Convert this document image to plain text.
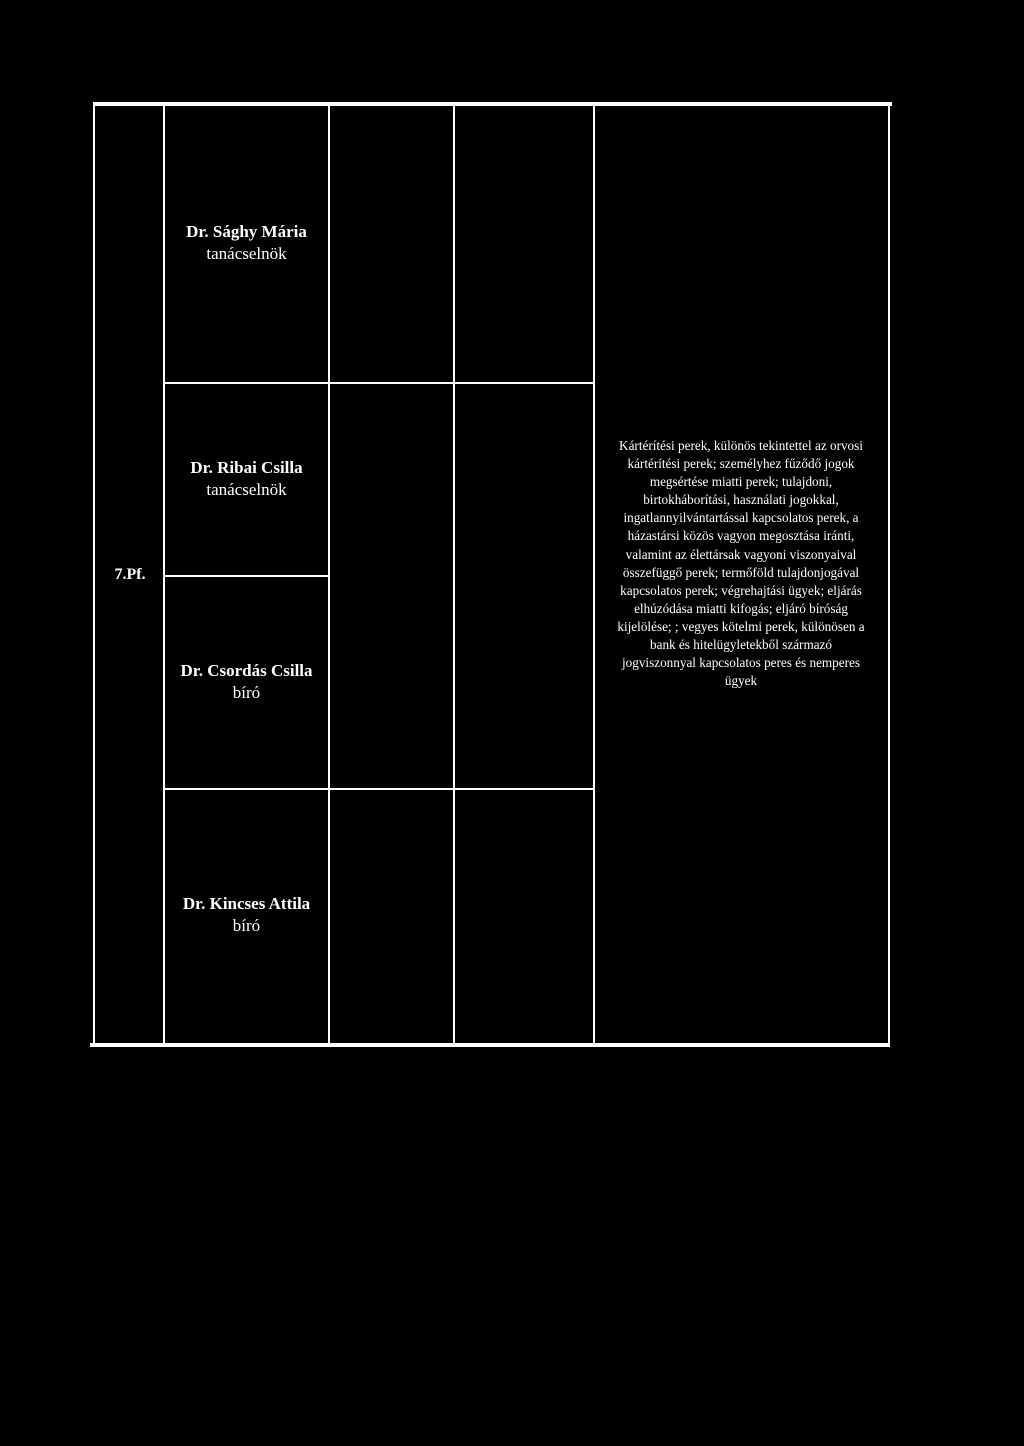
7.Pf.
Dr. Sághy Mária
tanácselnök
Dr. Ribai Csilla
tanácselnök
Dr. Csordás Csilla
bíró
Dr. Kincses Attila
bíró
Kártérítési perek, különös tekintettel az orvosi
kártérítési perek; személyhez fűződő jogok
megsértése miatti perek; tulajdoni,
birtokháborítási, használati jogokkal,
ingatlannyilvántartással kapcsolatos perek, a
házastársi közös vagyon megosztása iránti,
valamint az élettársak vagyoni viszonyaival
összefüggő perek; termőföld tulajdonjogával
kapcsolatos perek; végrehajtási ügyek; eljárás
elhúzódása miatti kifogás; eljáró bíróság
kijelölése; ; vegyes kötelmi perek, különösen a
bank és hitelügyletekből származó
jogviszonnyal kapcsolatos peres és nemperes
ügyek
